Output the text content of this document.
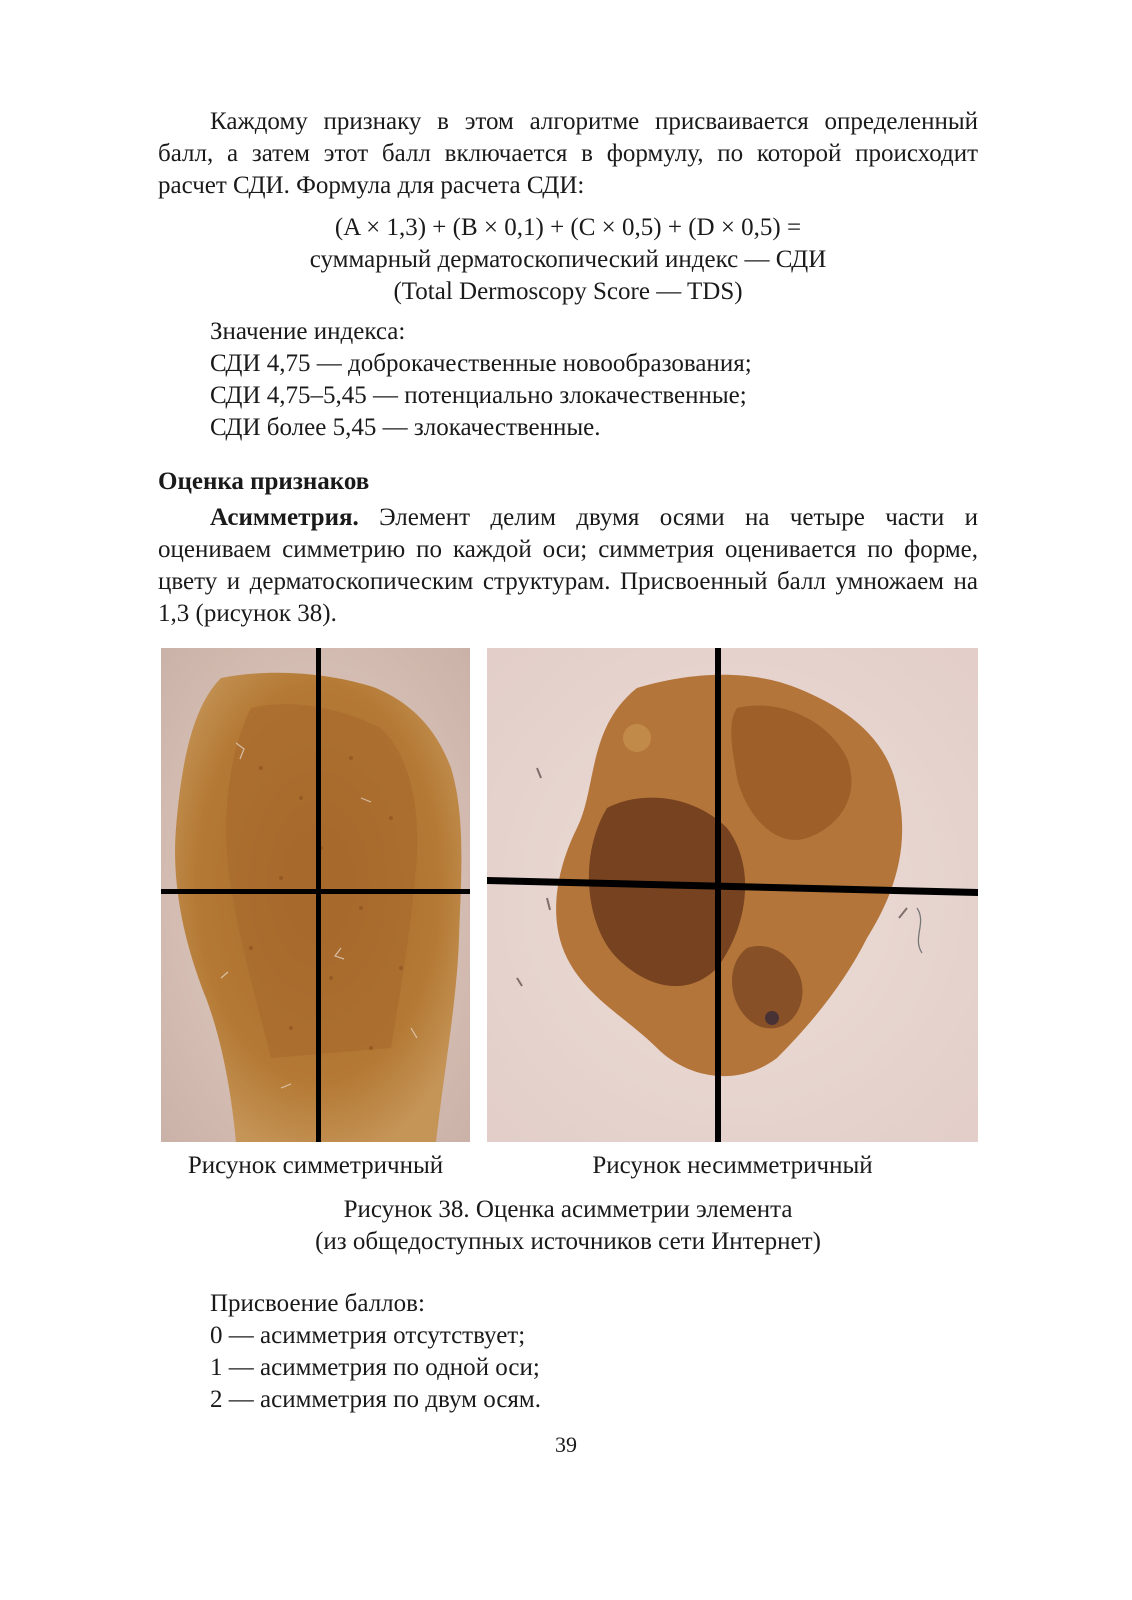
Каждому признаку в этом алгоритме присваивается определенный балл, а затем этот балл включается в формулу, по которой происходит расчет СДИ. Формула для расчета СДИ:

(A × 1,3) + (B × 0,1) + (C × 0,5) + (D × 0,5) =

суммарный дерматоскопический индекс — СДИ

(Total Dermoscopy Score — TDS)

Значение индекса:

СДИ 4,75 — доброкачественные новообразования;

СДИ 4,75–5,45 — потенциально злокачественные;

СДИ более 5,45 — злокачественные.

Оценка признаков

Асимметрия. Элемент делим двумя осями на четыре части и оцениваем симметрию по каждой оси; симметрия оценивается по форме, цвету и дерматоскопическим структурам. Присвоенный балл умножаем на 1,3 (рисунок 38).

Рисунок симметричный	Рисунок несимметричный

Рисунок 38. Оценка асимметрии элемента

(из общедоступных источников сети Интернет)

Присвоение баллов:

0 — асимметрия отсутствует;

1 — асимметрия по одной оси;

2 — асимметрия по двум осям.

39
